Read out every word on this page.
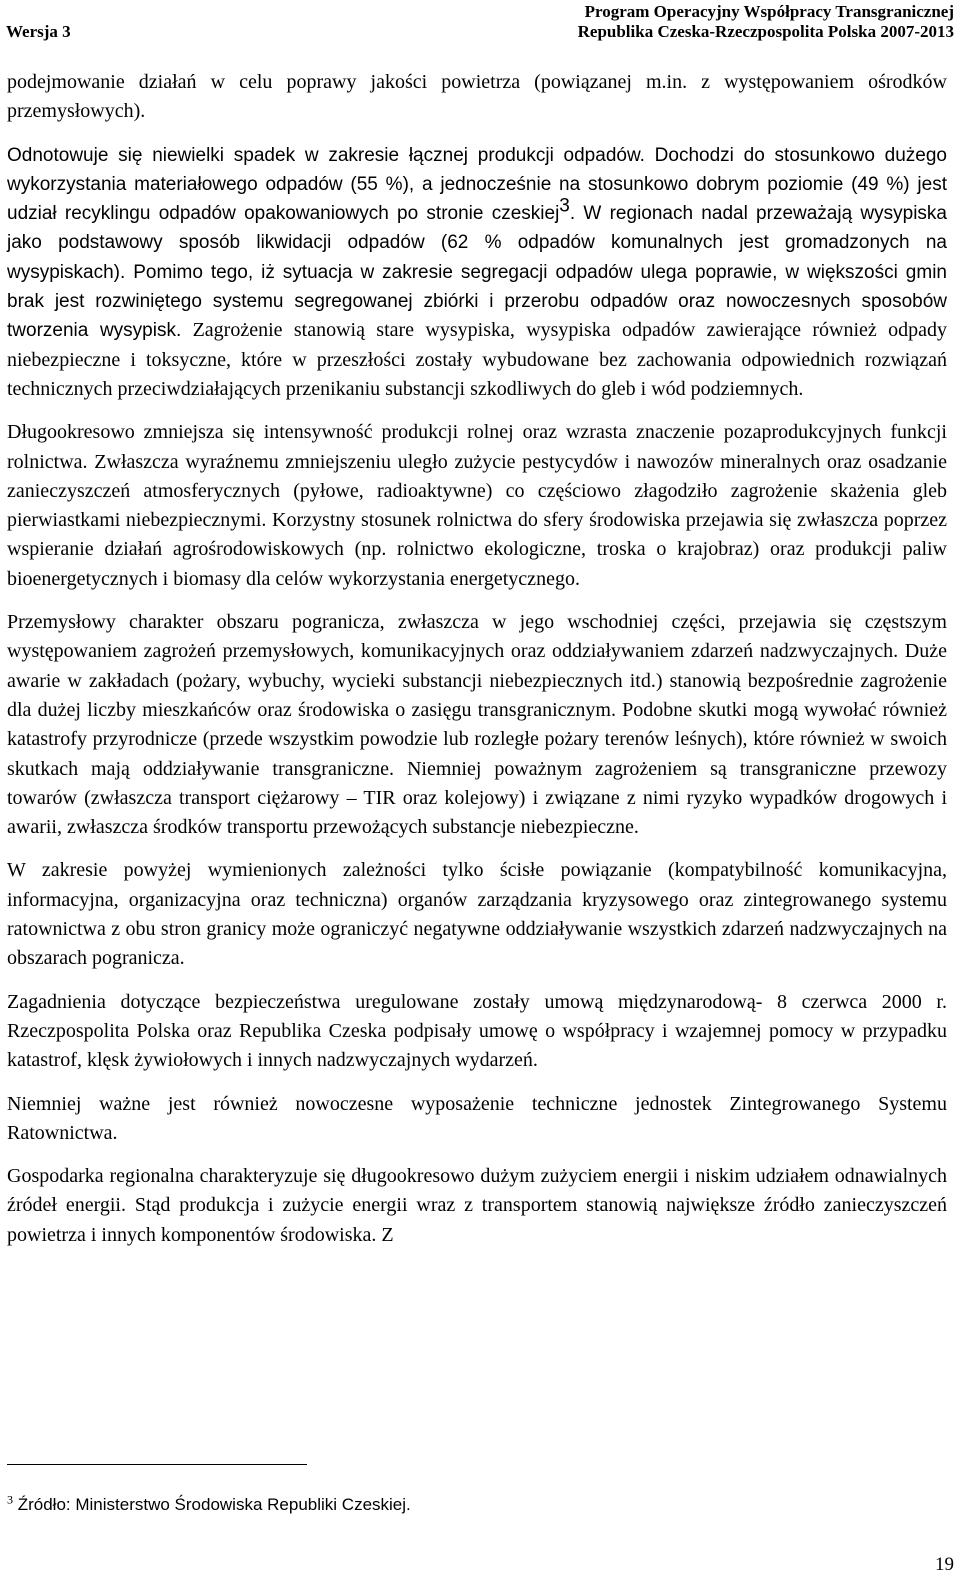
Wersja 3
Program Operacyjny Współpracy Transgranicznej
Republika Czeska-Rzeczpospolita Polska 2007-2013

podejmowanie działań w celu poprawy jakości powietrza (powiązanej m.in. z występowaniem ośrodków przemysłowych).

Odnotowuje się niewielki spadek w zakresie łącznej produkcji odpadów. Dochodzi do stosunkowo dużego wykorzystania materiałowego odpadów (55 %), a jednocześnie na stosunkowo dobrym poziomie (49 %) jest udział recyklingu odpadów opakowaniowych po stronie czeskiej$^3$. W regionach nadal przeważają wysypiska jako podstawowy sposób likwidacji odpadów (62 % odpadów komunalnych jest gromadzonych na wysypiskach). Pomimo tego, iż sytuacja w zakresie segregacji odpadów ulega poprawie, w większości gmin brak jest rozwiniętego systemu segregowanej zbiórki i przerobu odpadów oraz nowoczesnych sposobów tworzenia wysypisk. Zagrożenie stanowią stare wysypiska, wysypiska odpadów zawierające również odpady niebezpieczne i toksyczne, które w przeszłości zostały wybudowane bez zachowania odpowiednich rozwiązań technicznych przeciwdziałających przenikaniu substancji szkodliwych do gleb i wód podziemnych.

Długookresowo zmniejsza się intensywność produkcji rolnej oraz wzrasta znaczenie pozaprodukcyjnych funkcji rolnictwa. Zwłaszcza wyraźnemu zmniejszeniu uległo zużycie pestycydów i nawozów mineralnych oraz osadzanie zanieczyszczeń atmosferycznych (pyłowe, radioaktywne) co częściowo złagodziło zagrożenie skażenia gleb pierwiastkami niebezpiecznymi. Korzystny stosunek rolnictwa do sfery środowiska przejawia się zwłaszcza poprzez wspieranie działań agrośrodowiskowych (np. rolnictwo ekologiczne, troska o krajobraz) oraz produkcji paliw bioenergetycznych i biomasy dla celów wykorzystania energetycznego.

Przemysłowy charakter obszaru pogranicza, zwłaszcza w jego wschodniej części, przejawia się częstszym występowaniem zagrożeń przemysłowych, komunikacyjnych oraz oddziaływaniem zdarzeń nadzwyczajnych. Duże awarie w zakładach (pożary, wybuchy, wycieki substancji niebezpiecznych itd.) stanowią bezpośrednie zagrożenie dla dużej liczby mieszkańców oraz środowiska o zasięgu transgranicznym. Podobne skutki mogą wywołać również katastrofy przyrodnicze (przede wszystkim powodzie lub rozległe pożary terenów leśnych), które również w swoich skutkach mają oddziaływanie transgraniczne. Niemniej poważnym zagrożeniem są transgraniczne przewozy towarów (zwłaszcza transport ciężarowy – TIR oraz kolejowy) i związane z nimi ryzyko wypadków drogowych i awarii, zwłaszcza środków transportu przewożących substancje niebezpieczne.

W zakresie powyżej wymienionych zależności tylko ścisłe powiązanie (kompatybilność komunikacyjna, informacyjna, organizacyjna oraz techniczna) organów zarządzania kryzysowego oraz zintegrowanego systemu ratownictwa z obu stron granicy może ograniczyć negatywne oddziaływanie wszystkich zdarzeń nadzwyczajnych na obszarach pogranicza.

Zagadnienia dotyczące bezpieczeństwa uregulowane zostały umową międzynarodową- 8 czerwca 2000 r. Rzeczpospolita Polska oraz Republika Czeska podpisały umowę o współpracy i wzajemnej pomocy w przypadku katastrof, klęsk żywiołowych i innych nadzwyczajnych wydarzeń.

Niemniej ważne jest również nowoczesne wyposażenie techniczne jednostek Zintegrowanego Systemu Ratownictwa.

Gospodarka regionalna charakteryzuje się długookresowo dużym zużyciem energii i niskim udziałem odnawialnych źródeł energii. Stąd produkcja i zużycie energii wraz z transportem stanowią największe źródło zanieczyszczeń powietrza i innych komponentów środowiska. Z

$^3$ Źródło: Ministerstwo Środowiska Republiki Czeskiej.
19
